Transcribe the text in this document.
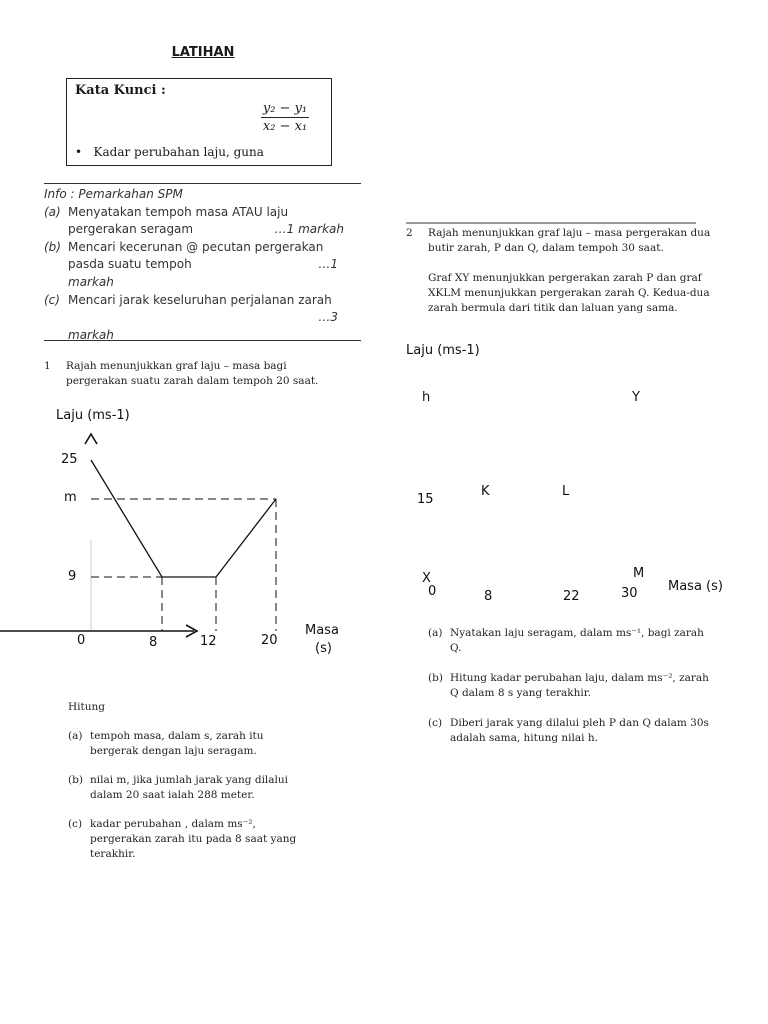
LATIHAN
Kata Kunci :
$\frac{\text{y₂ − y₁}}{\text{x₂ − x₁}}$
•   Kadar perubahan laju, guna
Info : Pemarkahan SPM
(a) Menyatakan tempoh masa ATAU laju pergerakan seragam	…1 markah
(b) Mencari kecerunan @ pecutan pergerakan pasda suatu tempoh	…1
markah
(c) Mencari jarak keseluruhan perjalanan zarah
…3
markah
1	Rajah menunjukkan graf laju – masa bagi pergerakan suatu zarah dalam tempoh 20 saat.
Laju (ms-1)
25
m
9
0	8	12	20
Masa
(s)
Hitung
(a) tempoh masa, dalam s, zarah itu bergerak dengan laju seragam.
(b) nilai m, jika jumlah jarak yang dilalui dalam 20 saat ialah 288 meter.
(c) kadar perubahan , dalam ms⁻², pergerakan zarah itu pada 8 saat yang terakhir.
2	Rajah menunjukkan graf laju – masa pergerakan dua butir zarah, P dan Q, dalam tempoh 30 saat.
Graf XY menunjukkan pergerakan zarah P dan graf XKLM menunjukkan pergerakan zarah Q. Kedua-dua zarah bermula dari titik dan laluan yang sama.
Laju (ms-1)
h	Y
15
K	L
X	M
0	8	22	30 Masa (s)
(a) Nyatakan laju seragam, dalam ms⁻¹, bagi zarah Q.
(b) Hitung kadar perubahan laju, dalam ms⁻², zarah Q dalam 8 s yang terakhir.
(c) Diberi jarak yang dilalui pleh P dan Q dalam 30s adalah sama, hitung nilai h.
